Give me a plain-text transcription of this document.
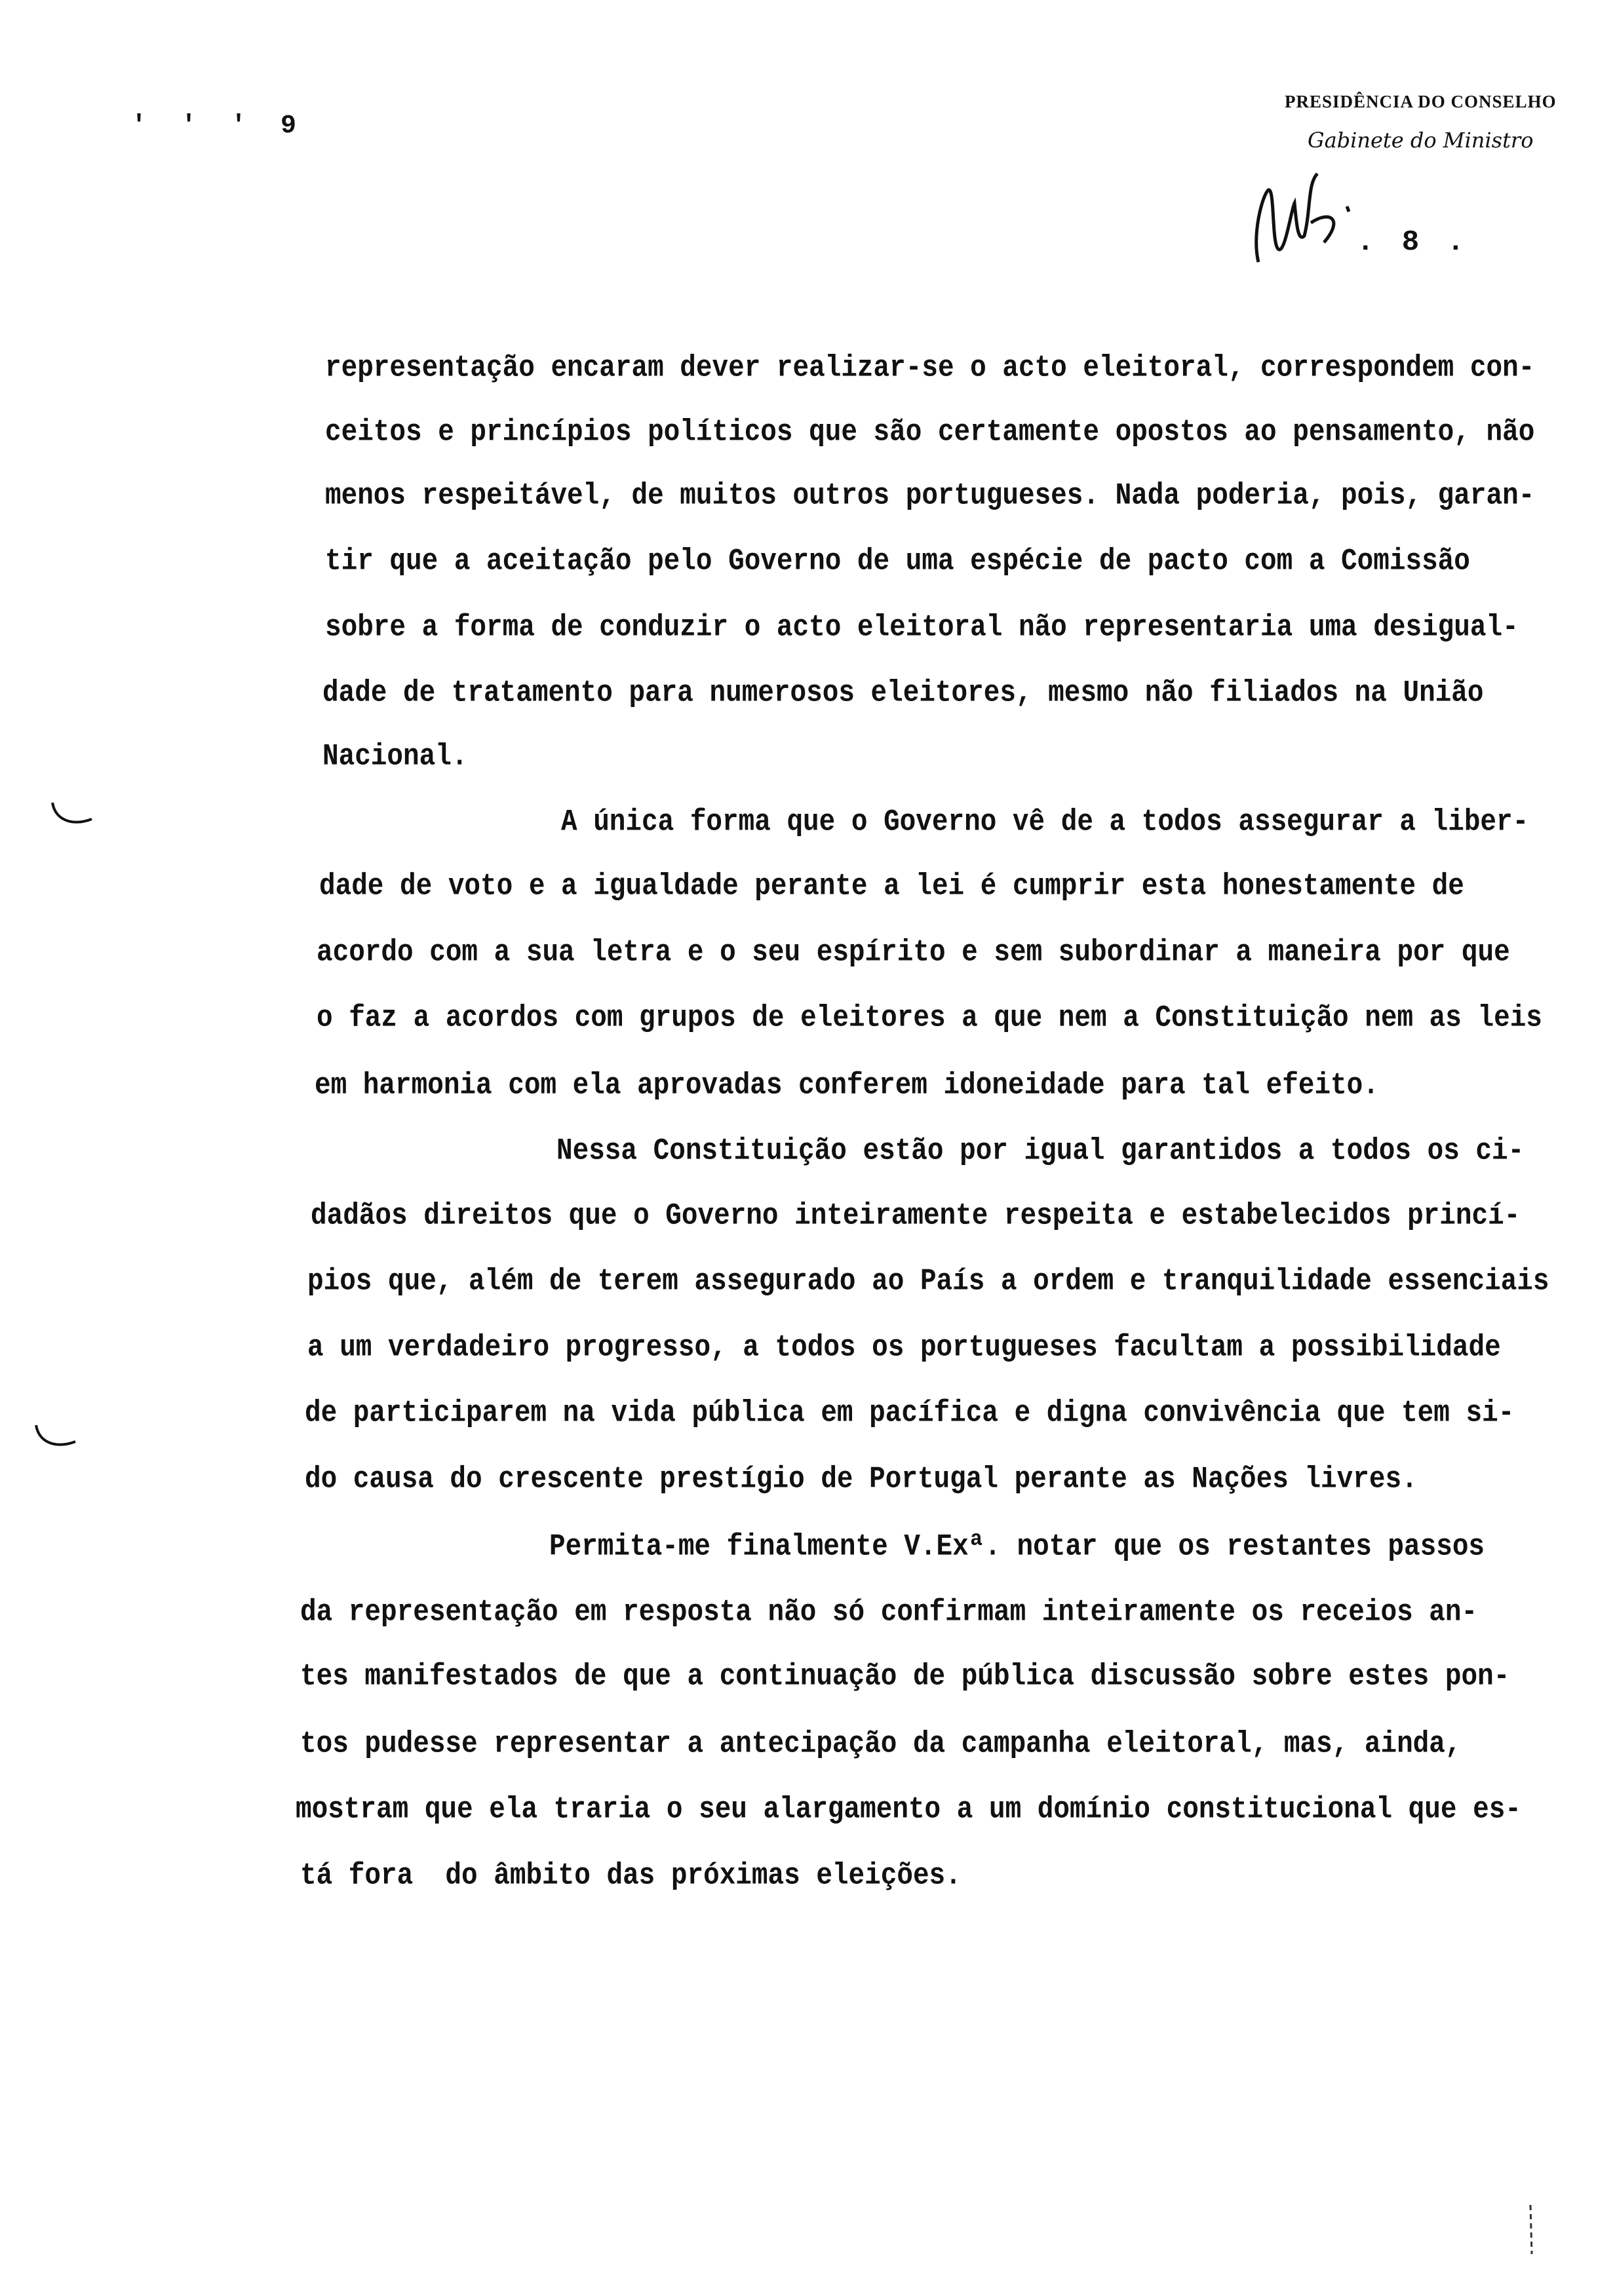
' ' ' 9
PRESIDÊNCIA DO CONSELHO
Gabinete do Ministro
. 8 .
representação encaram dever realizar-se o acto eleitoral, correspondem con-
ceitos e princípios políticos que são certamente opostos ao pensamento, não
menos respeitável, de muitos outros portugueses. Nada poderia, pois, garan-
tir que a aceitação pelo Governo de uma espécie de pacto com a Comissão
sobre a forma de conduzir o acto eleitoral não representaria uma desigual-
dade de tratamento para numerosos eleitores, mesmo não filiados na União
Nacional.
A única forma que o Governo vê de a todos assegurar a liber-
dade de voto e a igualdade perante a lei é cumprir esta honestamente de
acordo com a sua letra e o seu espírito e sem subordinar a maneira por que
o faz a acordos com grupos de eleitores a que nem a Constituição nem as leis
em harmonia com ela aprovadas conferem idoneidade para tal efeito.
Nessa Constituição estão por igual garantidos a todos os ci-
dadãos direitos que o Governo inteiramente respeita e estabelecidos princí-
pios que, além de terem assegurado ao País a ordem e tranquilidade essenciais
a um verdadeiro progresso, a todos os portugueses facultam a possibilidade
de participarem na vida pública em pacífica e digna convivência que tem si-
do causa do crescente prestígio de Portugal perante as Nações livres.
Permita-me finalmente V.Exª. notar que os restantes passos
da representação em resposta não só confirmam inteiramente os receios an-
tes manifestados de que a continuação de pública discussão sobre estes pon-
tos pudesse representar a antecipação da campanha eleitoral, mas, ainda,
mostram que ela traria o seu alargamento a um domínio constitucional que es-
tá fora  do âmbito das próximas eleições.
